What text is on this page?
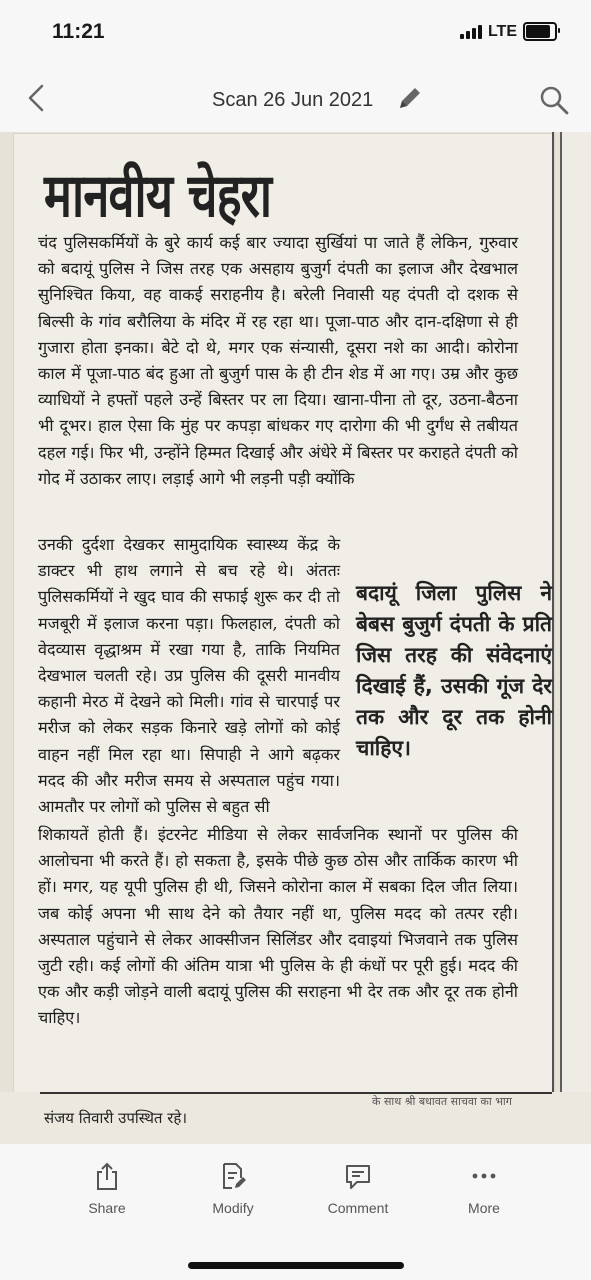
11:21	LTE
Scan 26 Jun 2021
मानवीय चेहरा

चंद पुलिसकर्मियों के बुरे कार्य कई बार ज्यादा सुर्खियां पा जाते हैं लेकिन, गुरुवार को बदायूं पुलिस ने जिस तरह एक असहाय बुजुर्ग दंपती का इलाज और देखभाल सुनिश्चित किया, वह वाकई सराहनीय है। बरेली निवासी यह दंपती दो दशक से बिल्सी के गांव बरौलिया के मंदिर में रह रहा था। पूजा-पाठ और दान-दक्षिणा से ही गुजारा होता इनका। बेटे दो थे, मगर एक संन्यासी, दूसरा नशे का आदी। कोरोना काल में पूजा-पाठ बंद हुआ तो बुजुर्ग पास के ही टीन शेड में आ गए। उम्र और कुछ व्याधियों ने हफ्तों पहले उन्हें बिस्तर पर ला दिया। खाना-पीना तो दूर, उठना-बैठना भी दूभर। हाल ऐसा कि मुंह पर कपड़ा बांधकर गए दारोगा की भी दुर्गंध से तबीयत दहल गई। फिर भी, उन्होंने हिम्मत दिखाई और अंधेरे में बिस्तर पर कराहते दंपती को गोद में उठाकर लाए। लड़ाई आगे भी लड़नी पड़ी क्योंकि

उनकी दुर्दशा देखकर सामुदायिक स्वास्थ्य केंद्र के डाक्टर भी हाथ लगाने से बच रहे थे। अंततः पुलिसकर्मियों ने खुद घाव की सफाई शुरू कर दी तो मजबूरी में इलाज करना पड़ा। फिलहाल, दंपती को वेदव्यास वृद्धाश्रम में रखा गया है, ताकि नियमित देखभाल चलती रहे। उप्र पुलिस की दूसरी मानवीय कहानी मेरठ में देखने को मिली। गांव से चारपाई पर मरीज को लेकर सड़क किनारे खड़े लोगों को कोई वाहन नहीं मिल रहा था। सिपाही ने आगे बढ़कर मदद की और मरीज समय से अस्पताल पहुंच गया। आमतौर पर लोगों को पुलिस से बहुत सी

बदायूं जिला पुलिस ने बेबस बुजुर्ग दंपती के प्रति जिस तरह की संवेदनाएं दिखाई हैं, उसकी गूंज देर तक और दूर तक होनी चाहिए।

शिकायतें होती हैं। इंटरनेट मीडिया से लेकर सार्वजनिक स्थानों पर पुलिस की आलोचना भी करते हैं। हो सकता है, इसके पीछे कुछ ठोस और तार्किक कारण भी हों। मगर, यह यूपी पुलिस ही थी, जिसने कोरोना काल में सबका दिल जीत लिया। जब कोई अपना भी साथ देने को तैयार नहीं था, पुलिस मदद को तत्पर रही। अस्पताल पहुंचाने से लेकर आक्सीजन सिलिंडर और दवाइयां भिजवाने तक पुलिस जुटी रही। कई लोगों की अंतिम यात्रा भी पुलिस के ही कंधों पर पूरी हुई। मदद की एक और कड़ी जोड़ने वाली बदायूं पुलिस की सराहना भी देर तक और दूर तक होनी चाहिए।

संजय तिवारी उपस्थित रहे।
के साथ श्री बधावत साचवा का भाग
Share	Modify	Comment	More
